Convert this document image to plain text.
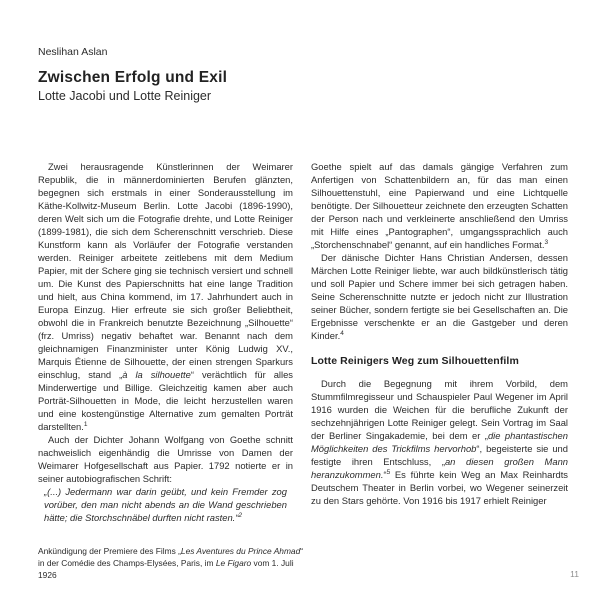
Neslihan Aslan

Zwischen Erfolg und Exil

Lotte Jacobi und Lotte Reiniger

Zwei herausragende Künstlerinnen der Weimarer Republik, die in männerdominierten Berufen glänzten, begegnen sich erstmals in einer Sonderausstellung im Käthe-Kollwitz-Museum Berlin. Lotte Jacobi (1896-1990), deren Welt sich um die Fotografie drehte, und Lotte Reiniger (1899-1981), die sich dem Scherenschnitt verschrieb. Diese Kunstform kann als Vorläufer der Fotografie verstanden werden. Reiniger arbeitete zeitlebens mit dem Medium Papier, mit der Schere ging sie technisch versiert und schnell um. Die Kunst des Papierschnitts hat eine lange Tradition und hielt, aus China kommend, im 17. Jahrhundert auch in Europa Einzug. Hier erfreute sie sich großer Beliebtheit, obwohl die in Frankreich benutzte Bezeichnung „Silhouette“ (frz. Umriss) negativ behaftet war. Benannt nach dem gleichnamigen Finanzminister unter König Ludwig XV., Marquis Étienne de Silhouette, der einen strengen Sparkurs einschlug, stand „à la silhouette“ verächtlich für alles Minderwertige und Billige. Gleichzeitig kamen aber auch Porträt-Silhouetten in Mode, die leicht herzustellen waren und eine kostengünstige Alternative zum gemalten Porträt darstellten.$^1$

Auch der Dichter Johann Wolfgang von Goethe schnitt nachweislich eigenhändig die Umrisse von Damen der Weimarer Hofgesellschaft aus Papier. 1792 notierte er in seiner autobiografischen Schrift:

„(...) Jedermann war darin geübt, und kein Fremder zog vorüber, den man nicht abends an die Wand geschrieben hätte; die Storchschnäbel durften nicht rasten.“$^2$

Goethe spielt auf das damals gängige Verfahren zum Anfertigen von Schattenbildern an, für das man einen Silhouettenstuhl, eine Papierwand und eine Lichtquelle benötigte. Der Silhouetteur zeichnete den erzeugten Schatten der Person nach und verkleinerte anschließend den Umriss mit Hilfe eines „Pantographen“, umgangssprachlich auch „Storchenschnabel“ genannt, auf ein handliches Format.$^3$

Der dänische Dichter Hans Christian Andersen, dessen Märchen Lotte Reiniger liebte, war auch bildkünstlerisch tätig und soll Papier und Schere immer bei sich getragen haben. Seine Scherenschnitte nutzte er jedoch nicht zur Illustration seiner Bücher, sondern fertigte sie bei Gesellschaften an. Die Ergebnisse verschenkte er an die Gastgeber und deren Kinder.$^4$

Lotte Reinigers Weg zum Silhouettenfilm

Durch die Begegnung mit ihrem Vorbild, dem Stummfilmregisseur und Schauspieler Paul Wegener im April 1916 wurden die Weichen für die berufliche Zukunft der sechzehnjährigen Lotte Reiniger gelegt. Sein Vortrag im Saal der Berliner Singakademie, bei dem er „die phantastischen Möglichkeiten des Trickfilms hervorhob“, begeisterte sie und festigte ihren Entschluss, „an diesen großen Mann heranzukommen.“$^5$ Es führte kein Weg an Max Reinhardts Deutschem Theater in Berlin vorbei, wo Wegener seinerzeit zu den Stars gehörte. Von 1916 bis 1917 erhielt Reiniger

Ankündigung der Premiere des Films „Les Aventures du Prince Ahmad“ in der Comédie des Champs-Elysées, Paris, im Le Figaro vom 1. Juli 1926	11
